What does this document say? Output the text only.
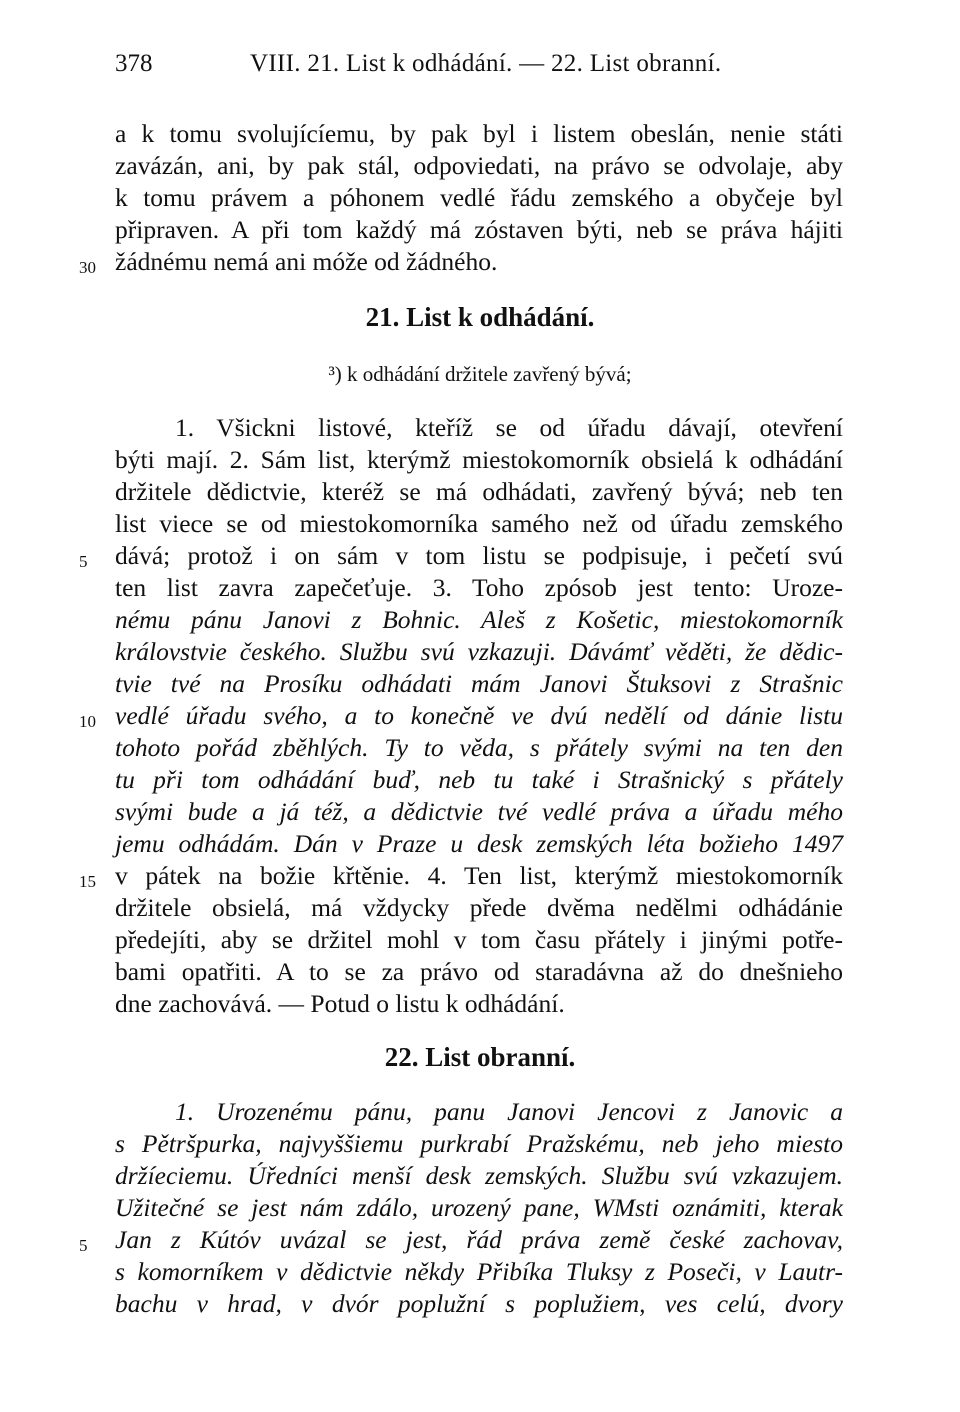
378	VIII. 21. List k odhádání. — 22. List obranní.
a k tomu svolujícíemu, by pak byl i listem obeslán, nenie státi
zavázán, ani, by pak stál, odpoviedati, na právo se odvolaje, aby
k tomu právem a póhonem vedlé řádu zemského a obyčeje byl
připraven. A při tom každý má zóstaven býti, neb se práva hájiti
30 žádnému nemá ani móže od žádného.
21. List k odhádání.
³) k odhádání držitele zavřený bývá;
1. Všickni listové, kteříž se od úřadu dávají, otevření
býti mají. 2. Sám list, kterýmž miestokomorník obsielá k odhádání
držitele dědictvie, kteréž se má odhádati, zavřený bývá; neb ten
list viece se od miestokomorníka samého než od úřadu zemského
5 dává; protož i on sám v tom listu se podpisuje, i pečetí svú
ten list zavra zapečeťuje. 3. Toho zpósob jest tento: Uroze-
nému pánu Janovi z Bohnic. Aleš z Košetic, miestokomorník
královstvie českého. Službu svú vzkazuji. Dávámť věděti, že dědic-
tvie tvé na Prosíku odhádati mám Janovi Štuksovi z Strašnic
10 vedlé úřadu svého, a to konečně ve dvú nedělí od dánie listu
tohoto pořád zběhlých. Ty to věda, s přátely svými na ten den
tu při tom odhádání buď, neb tu také i Strašnický s přátely
svými bude a já též, a dědictvie tvé vedlé práva a úřadu mého
jemu odhádám. Dán v Praze u desk zemských léta božieho 1497
15 v pátek na božie křtěnie. 4. Ten list, kterýmž miestokomorník
držitele obsielá, má vždycky přede dvěma nedělmi odhádánie
předejíti, aby se držitel mohl v tom času přátely i jinými potře-
bami opatřiti. A to se za právo od staradávna až do dnešnieho
dne zachovává. — Potud o listu k odhádání.
22. List obranní.
1. Urozenému pánu, panu Janovi Jencovi z Janovic a
s Pětršpurka, najvyššiemu purkrabí Pražskému, neb jeho miesto
držíeciemu. Úředníci menší desk zemských. Službu svú vzkazujem.
Užitečné se jest nám zdálo, urozený pane, WMsti oznámiti, kterak
5 Jan z Kútóv uvázal se jest, řád práva země české zachovav,
s komorníkem v dědictvie někdy Přibíka Tluksy z Poseči, v Lautr-
bachu v hrad, v dvór poplužní s poplužiem, ves celú, dvory
